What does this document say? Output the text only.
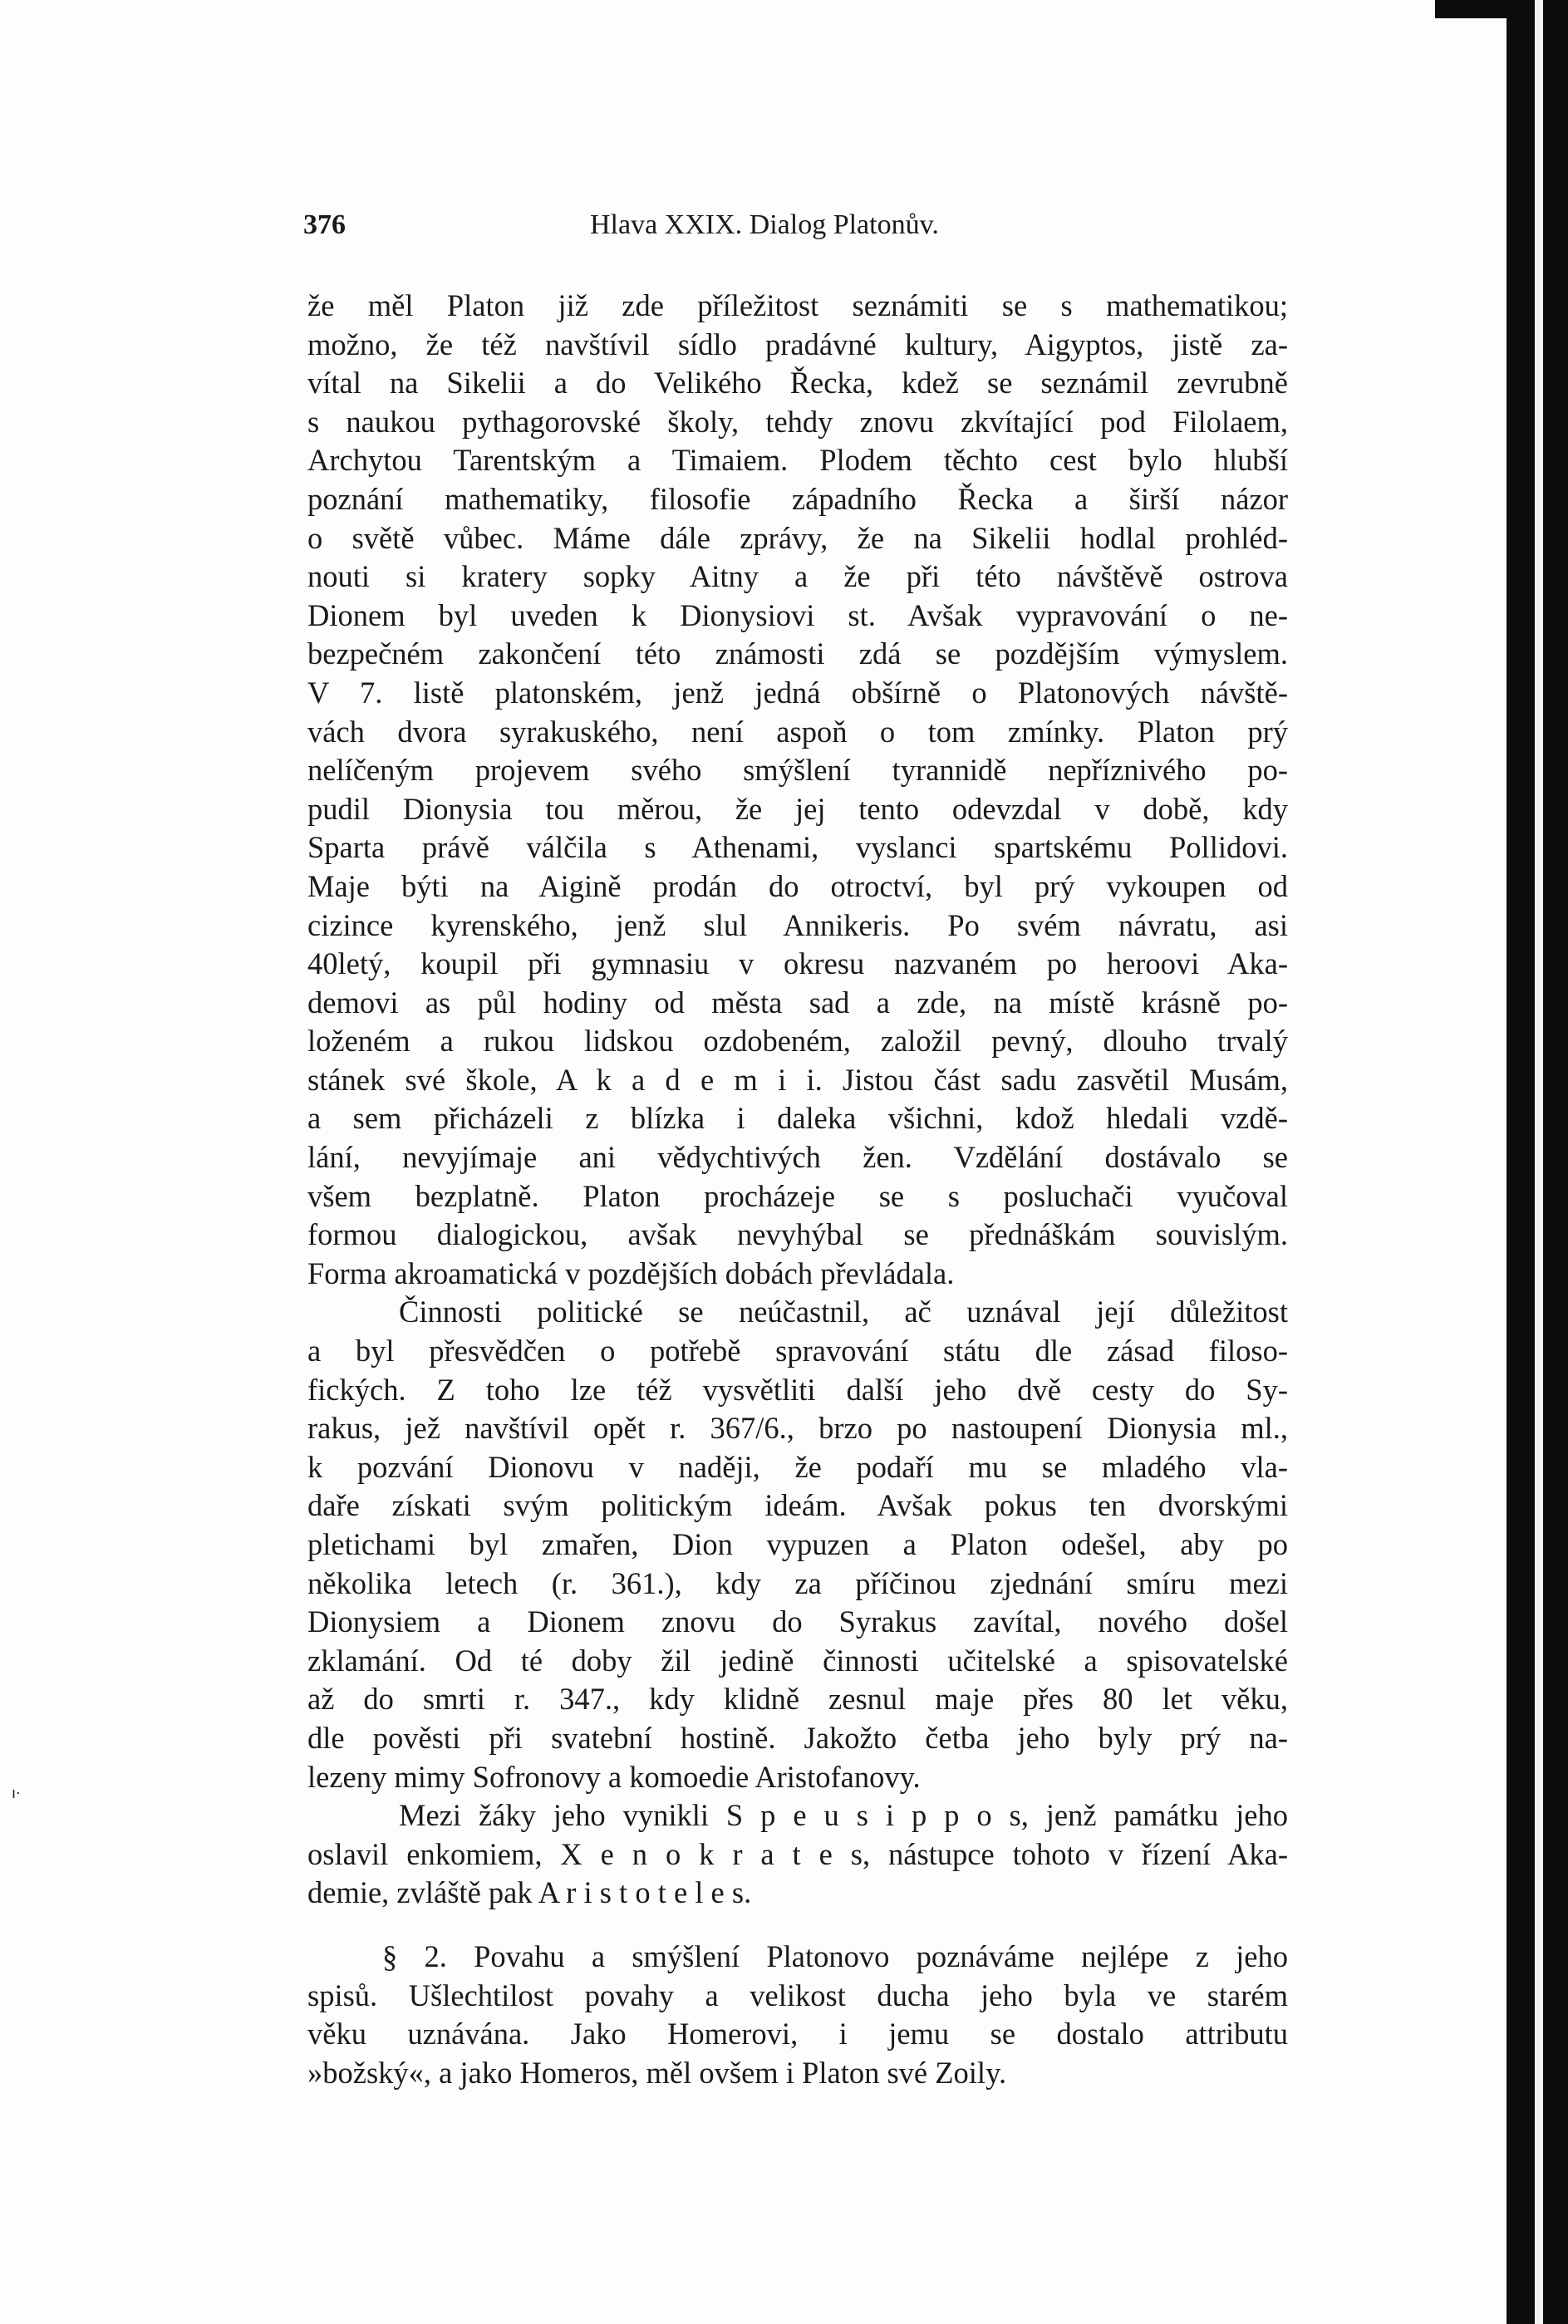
376	Hlava XXIX. Dialog Platonův.
že měl Platon již zde příležitost seznámiti se s mathematikou;
možno, že též navštívil sídlo pradávné kultury, Aigyptos, jistě za-
vítal na Sikelii a do Velikého Řecka, kdež se seznámil zevrubně
s naukou pythagorovské školy, tehdy znovu zkvítající pod Filolaem,
Archytou Tarentským a Timaiem. Plodem těchto cest bylo hlubší
poznání mathematiky, filosofie západního Řecka a širší názor
o světě vůbec. Máme dále zprávy, že na Sikelii hodlal prohléd-
nouti si kratery sopky Aitny a že při této návštěvě ostrova
Dionem byl uveden k Dionysiovi st. Avšak vypravování o ne-
bezpečném zakončení této známosti zdá se pozdějším výmyslem.
V 7. listě platonském, jenž jedná obšírně o Platonových návště-
vách dvora syrakuského, není aspoň o tom zmínky. Platon prý
nelíčeným projevem svého smýšlení tyrannidě nepříznivého po-
pudil Dionysia tou měrou, že jej tento odevzdal v době, kdy
Sparta právě válčila s Athenami, vyslanci spartskému Pollidovi.
Maje býti na Aigině prodán do otroctví, byl prý vykoupen od
cizince kyrenského, jenž slul Annikeris. Po svém návratu, asi
40letý, koupil při gymnasiu v okresu nazvaném po heroovi Aka-
demovi as půl hodiny od města sad a zde, na místě krásně po-
loženém a rukou lidskou ozdobeném, založil pevný, dlouho trvalý
stánek své škole, A k a d e m i i. Jistou část sadu zasvětil Musám,
a sem přicházeli z blízka i daleka všichni, kdož hledali vzdě-
lání, nevyjímaje ani vědychtivých žen. Vzdělání dostávalo se
všem bezplatně. Platon procházeje se s posluchači vyučoval
formou dialogickou, avšak nevyhýbal se přednáškám souvislým.
Forma akroamatická v pozdějších dobách převládala.
Činnosti politické se neúčastnil, ač uznával její důležitost
a byl přesvědčen o potřebě spravování státu dle zásad filoso-
fických. Z toho lze též vysvětliti další jeho dvě cesty do Sy-
rakus, jež navštívil opět r. 367/6., brzo po nastoupení Dionysia ml.,
k pozvání Dionovu v naději, že podaří mu se mladého vla-
daře získati svým politickým ideám. Avšak pokus ten dvorskými
pletichami byl zmařen, Dion vypuzen a Platon odešel, aby po
několika letech (r. 361.), kdy za příčinou zjednání smíru mezi
Dionysiem a Dionem znovu do Syrakus zavítal, nového došel
zklamání. Od té doby žil jedině činnosti učitelské a spisovatelské
až do smrti r. 347., kdy klidně zesnul maje přes 80 let věku,
dle pověsti při svatební hostině. Jakožto četba jeho byly prý na-
lezeny mimy Sofronovy a komoedie Aristofanovy.
Mezi žáky jeho vynikli S p e u s i p p o s, jenž památku jeho
oslavil enkomiem, X e n o k r a t e s, nástupce tohoto v řízení Aka-
demie, zvláště pak A r i s t o t e l e s.
§ 2. Povahu a smýšlení Platonovo poznáváme nejlépe z jeho
spisů. Ušlechtilost povahy a velikost ducha jeho byla ve starém
věku uznávána. Jako Homerovi, i jemu se dostalo attributu
»božský«, a jako Homeros, měl ovšem i Platon své Zoily.
ı·
